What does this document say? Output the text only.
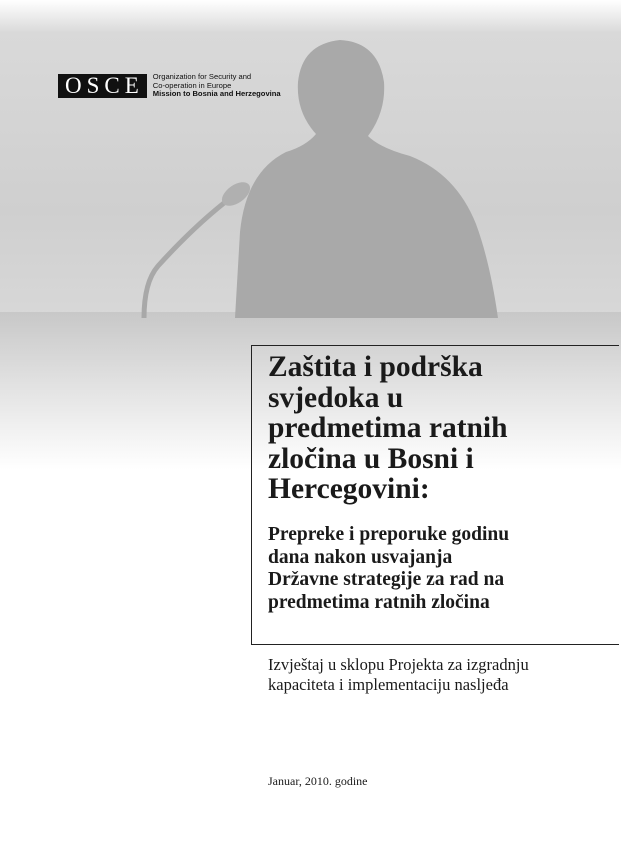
OSCE	Organization for Security and
Co-operation in Europe
Mission to Bosnia and Herzegovina
Zaštita i podrška
svjedoka u
predmetima ratnih
zločina u Bosni i
Hercegovini:
Prepreke i preporuke godinu
dana nakon usvajanja
Državne strategije za rad na
predmetima ratnih zločina
Izvještaj u sklopu Projekta za izgradnju
kapaciteta i implementaciju nasljeđa
Januar, 2010. godine
